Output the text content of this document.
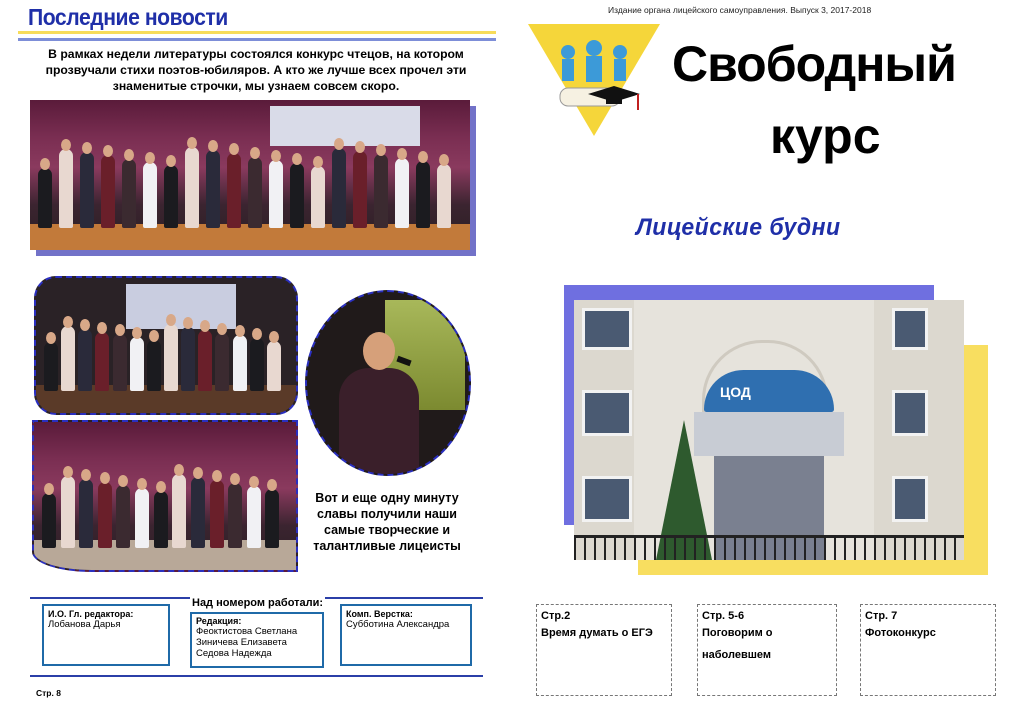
Последние новости
В рамках недели литературы состоялся конкурс чтецов, на котором прозвучали стихи поэтов-юбиляров. А кто же лучше всех прочел эти знаменитые строчки, мы узнаем совсем скоро.
Вот и еще одну минуту славы получили наши самые творческие и талантливые лицеисты
Над номером работали:
И.О. Гл. редактора:
Лобанова Дарья	Редакция:
Феоктистова Светлана
Зиничева Елизавета
Седова Надежда
Комп. Верстка:
Субботина Александра
Стр. 8
Издание органа лицейского самоуправления. Выпуск 3, 2017-2018
Свободный
курс
Лицейские будни
ЦОД
Стр.2
Время думать о ЕГЭ
Стр. 5-6
Поговорим о наболевшем
Стр. 7
Фотоконкурс
